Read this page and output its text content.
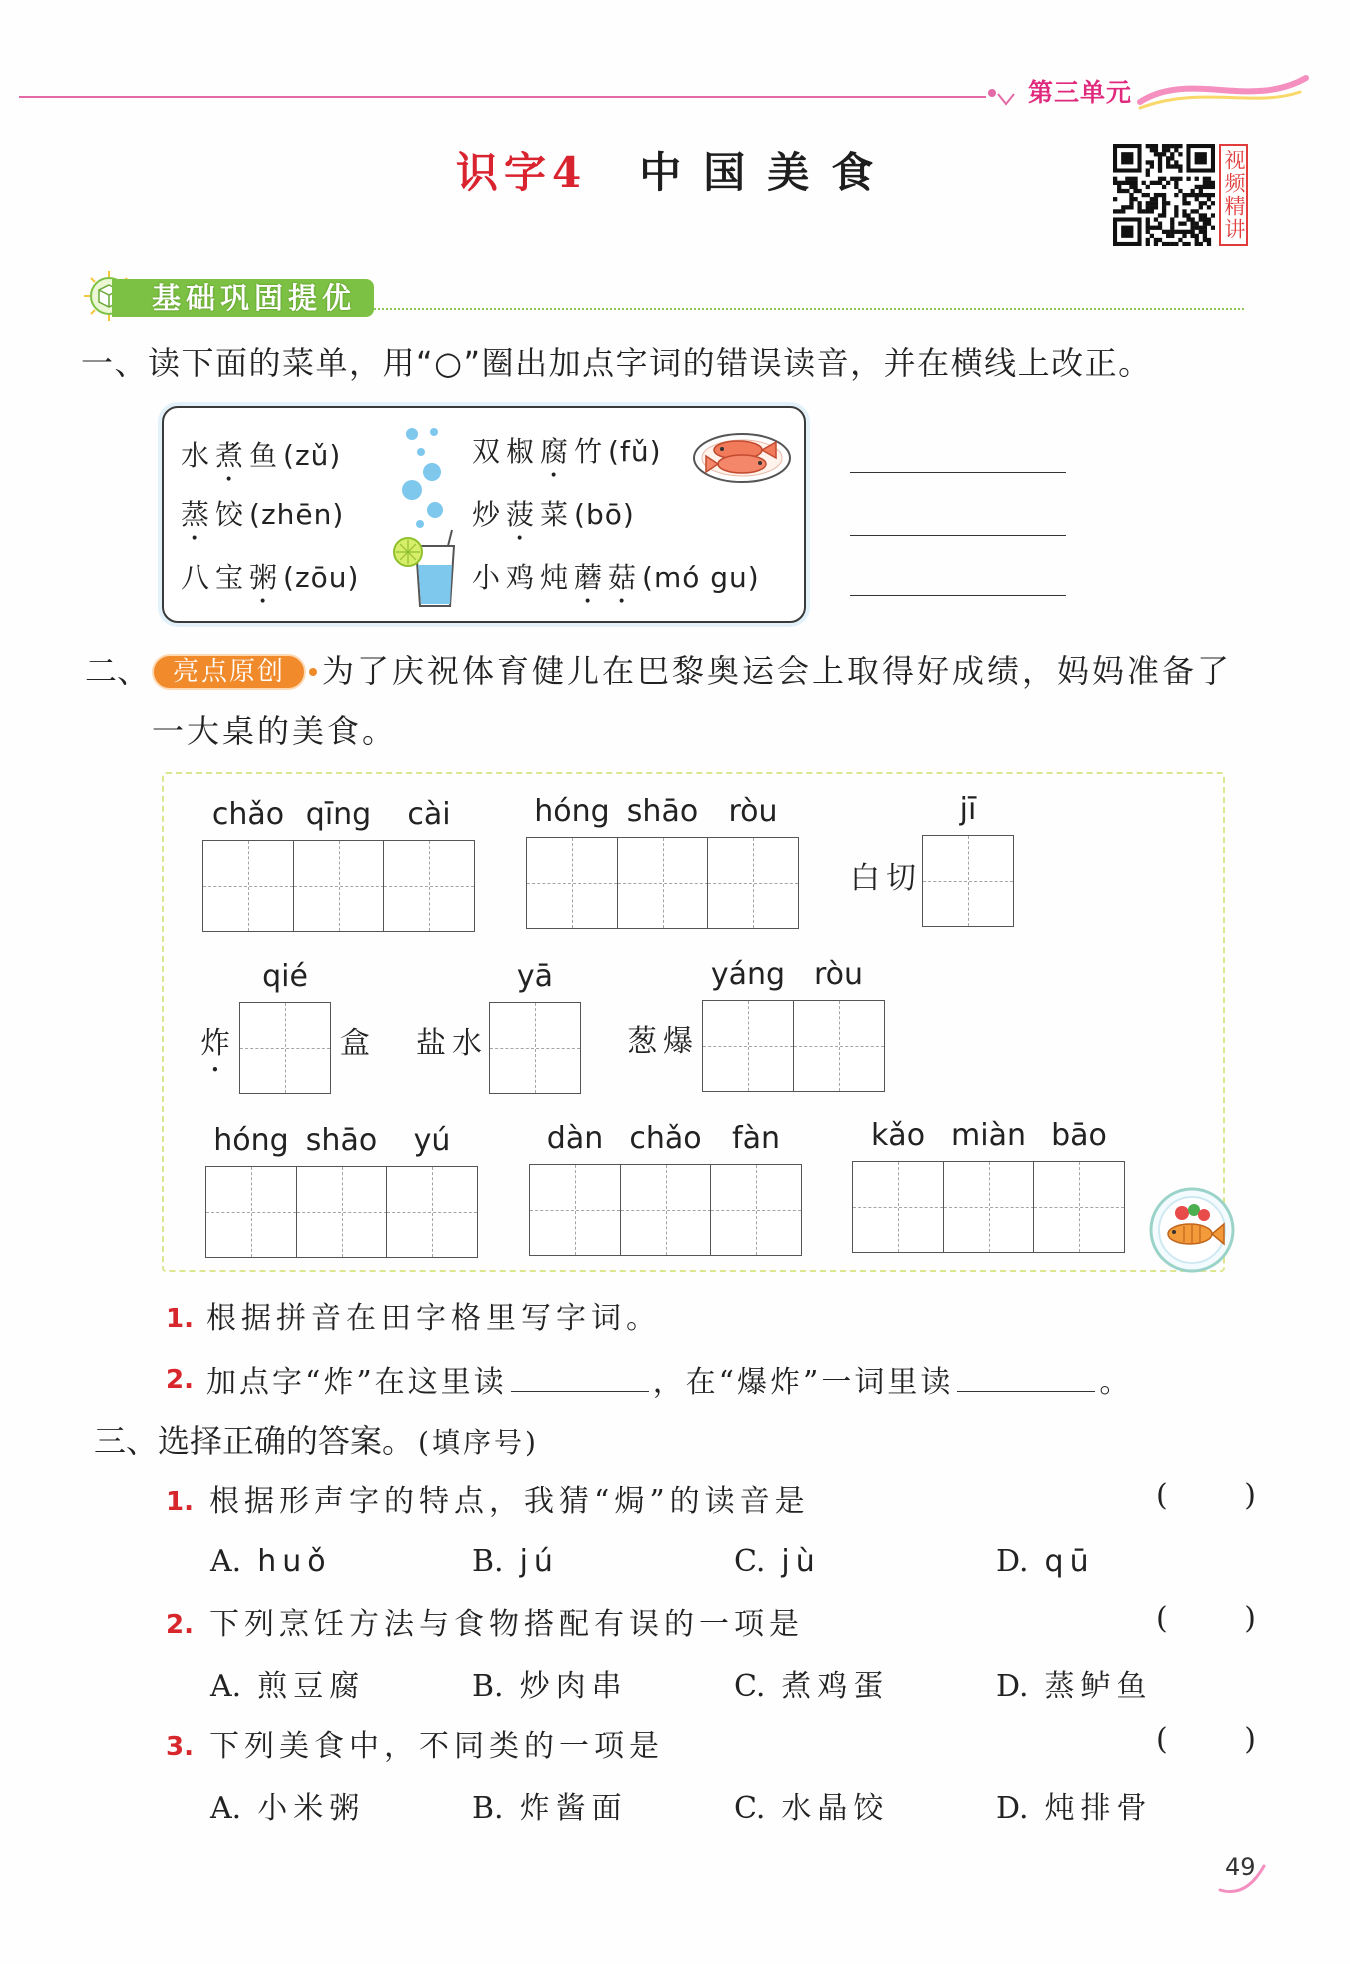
第三单元
识字4 中国美食	视频精讲
基础巩固提优
一、读下面的菜单，用“○”圈出加点字词的错误读音，并在横线上改正。
水煮鱼(zǔ)
蒸饺(zhēn)
八宝粥(zōu)
双椒腐竹(fǔ)
炒菠菜(bō)
小鸡炖蘑菇(mó gu)
二、 亮点原创	为了庆祝体育健儿在巴黎奥运会上取得好成绩，妈妈准备了
一大桌的美食。
chǎo qīng cài	hóng shāo ròu
白切
jī
炸
qié
盒 盐水
yā
葱爆
yáng ròu
hóng shāo yú	dàn chǎo fàn	kǎo miàn bāo
1. 根据拼音在田字格里写字词。
2. 加点字“炸”在这里读	，在“爆炸”一词里读	。
三、选择正确的答案。 (填序号)
1. 根据形声字的特点，我猜“焗”的读音是	(	)
A. huǒ	B. jú	C. jù	D. qū
2. 下列烹饪方法与食物搭配有误的一项是	(	)
A. 煎豆腐	B. 炒肉串	C. 煮鸡蛋	D. 蒸鲈鱼
3. 下列美食中，不同类的一项是	(	)
A. 小米粥	B. 炸酱面	C. 水晶饺	D. 炖排骨
49
